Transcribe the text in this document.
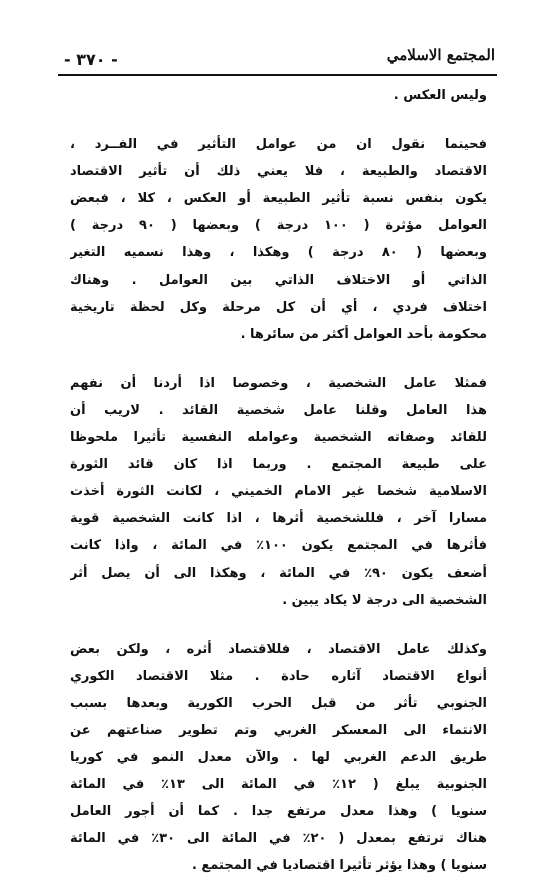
- ٣٧٠ -	المجتمع الاسلامي
وليس العكس .
فحينما نقول ان من عوامل التأثير في الفــرد ،
الاقتصاد والطبيعة ، فلا يعني ذلك أن تأثير الاقتصاد
يكون بنفس نسبة تأثير الطبيعة أو العكس ، كلا ، فبعض
العوامل مؤثرة ( ١٠٠ درجة ) وبعضها ( ٩٠ درجة )
وبعضها ( ٨٠ درجة ) وهكذا ، وهذا نسميه التغير
الذاتي أو الاختلاف الذاتي بين العوامل . وهناك
اختلاف فردي ، أي أن كل مرحلة وكل لحظة تاريخية
محكومة بأحد العوامل أكثر من سائرها .
فمثلا عامل الشخصية ، وخصوصا اذا أردنا أن نفهم
هذا العامل وقلنا عامل شخصية القائد . لاريب أن
للقائد وصفاته الشخصية وعوامله النفسية تأثيرا ملحوظا
على طبيعة المجتمع . وربما اذا كان قائد الثورة
الاسلامية شخصا غير الامام الخميني ، لكانت الثورة أخذت
مسارا آخر ، فللشخصية أثرها ، اذا كانت الشخصية قوية
فأثرها في المجتمع يكون ١٠٠٪ في المائة ، واذا كانت
أضعف يكون ٩٠٪ في المائة ، وهكذا الى أن يصل أثر
الشخصية الى درجة لا يكاد يبين .
وكذلك عامل الاقتصاد ، فللاقتصاد أثره ، ولكن بعض
أنواع الاقتصاد آثاره حادة . مثلا الاقتصاد الكوري
الجنوبي تأثر من قبل الحرب الكورية وبعدها بسبب
الانتماء الى المعسكر الغربي وتم تطوير صناعتهم عن
طريق الدعم الغربي لها . والآن معدل النمو في كوريا
الجنوبية يبلغ ( ١٢٪ في المائة الى ١٣٪ في المائة
سنويا ) وهذا معدل مرتفع جدا . كما أن أجور العامل
هناك ترتفع بمعدل ( ٢٠٪ في المائة الى ٣٠٪ في المائة
سنويا ) وهذا يؤثر تأثيرا اقتصاديا في المجتمع .
